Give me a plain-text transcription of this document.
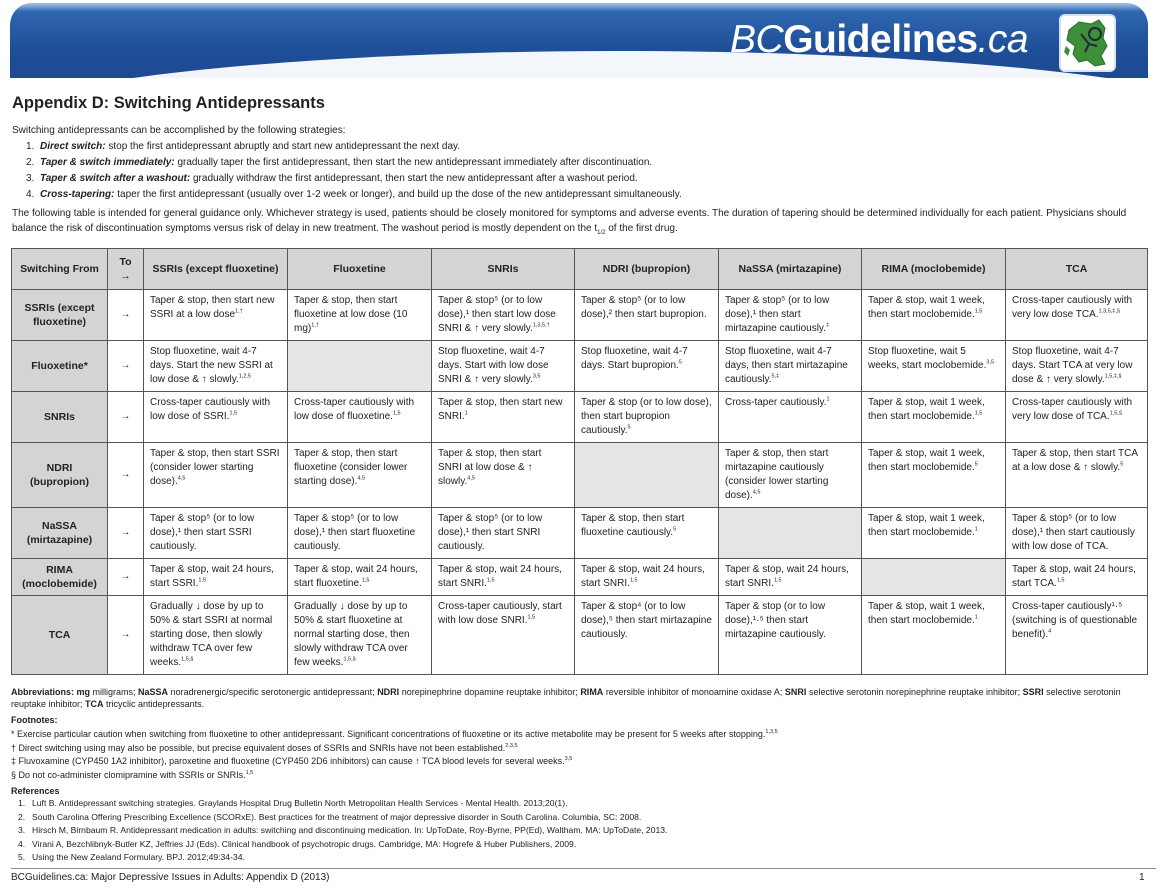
BCGuidelines.ca
Appendix D: Switching Antidepressants

Switching antidepressants can be accomplished by the following strategies:

1. Direct switch: stop the first antidepressant abruptly and start new antidepressant the next day.
2. Taper & switch immediately: gradually taper the first antidepressant, then start the new antidepressant immediately after discontinuation.
3. Taper & switch after a washout: gradually withdraw the first antidepressant, then start the new antidepressant after a washout period.
4. Cross-tapering: taper the first antidepressant (usually over 1-2 week or longer), and build up the dose of the new antidepressant simultaneously.

The following table is intended for general guidance only. Whichever strategy is used, patients should be closely monitored for symptoms and adverse events. The duration of tapering should be determined individually for each patient. Physicians should balance the risk of discontinuation symptoms versus risk of delay in new treatment. The washout period is mostly dependent on the $t_{1/2}$ of the first drug.

Switching From	To →	SSRIs (except fluoxetine)	Fluoxetine	SNRIs	NDRI (bupropion)	NaSSA (mirtazapine)	RIMA (moclobemide)	TCA
SSRIs (except fluoxetine)	→	Taper & stop, then start new SSRI at a low dose$^{1,\dagger}$	Taper & stop, then start fluoxetine at low dose (10 mg)$^{1,\dagger}$	Taper & stop⁵ (or to low dose),¹ then start low dose SNRI & ↑ very slowly.$^{1,3,5,\dagger}$	Taper & stop⁵ (or to low dose),² then start bupropion.	Taper & stop⁵ (or to low dose),¹ then start mirtazapine cautiously.‡	Taper & stop, wait 1 week, then start moclobemide.$^{1,5}$	Cross-taper cautiously with very low dose TCA.$^{1,3,5,\ddagger,\S}$
Fluoxetine*	→	Stop fluoxetine, wait 4-7 days. Start the new SSRI at low dose & ↑ slowly.$^{1,2,5}$		Stop fluoxetine, wait 4-7 days. Start with low dose SNRI & ↑ very slowly.$^{3,5}$	Stop fluoxetine, wait 4-7 days. Start bupropion.$^5$	Stop fluoxetine, wait 4-7 days, then start mirtazapine cautiously.$^{5,\ddagger}$	Stop fluoxetine, wait 5 weeks, start moclobemide.$^{3,5}$	Stop fluoxetine, wait 4-7 days. Start TCA at very low dose & ↑ very slowly.$^{1,5,\ddagger,\S}$
SNRIs	→	Cross-taper cautiously with low dose of SSRI.$^{1,5}$	Cross-taper cautiously with low dose of fluoxetine.$^{1,5}$	Taper & stop, then start new SNRI.$^1$	Taper & stop (or to low dose), then start bupropion cautiously.$^5$	Cross-taper cautiously.$^1$	Taper & stop, wait 1 week, then start moclobemide.$^{1,5}$	Cross-taper cautiously with very low dose of TCA.$^{1,5,\S}$
NDRI (bupropion)	→	Taper & stop, then start SSRI (consider lower starting dose).$^{4,5}$	Taper & stop, then start fluoxetine (consider lower starting dose).$^{4,5}$	Taper & stop, then start SNRI at low dose & ↑ slowly.$^{4,5}$		Taper & stop, then start mirtazapine cautiously (consider lower starting dose).$^{4,5}$	Taper & stop, wait 1 week, then start moclobemide.$^5$	Taper & stop, then start TCA at a low dose & ↑ slowly.$^5$
NaSSA (mirtazapine)	→	Taper & stop⁵ (or to low dose),¹ then start SSRI cautiously.	Taper & stop⁵ (or to low dose),¹ then start fluoxetine cautiously.	Taper & stop⁵ (or to low dose),¹ then start SNRI cautiously.	Taper & stop, then start fluoxetine cautiously.$^5$		Taper & stop, wait 1 week, then start moclobemide.$^1$	Taper & stop⁵ (or to low dose),¹ then start cautiously with low dose of TCA.
RIMA (moclobemide)	→	Taper & stop, wait 24 hours, start SSRI.$^{1,5}$	Taper & stop, wait 24 hours, start fluoxetine.$^{1,5}$	Taper & stop, wait 24 hours, start SNRI.$^{1,5}$	Taper & stop, wait 24 hours, start SNRI.$^{1,5}$	Taper & stop, wait 24 hours, start SNRI.$^{1,5}$		Taper & stop, wait 24 hours, start TCA.$^{1,5}$
TCA	→	Gradually ↓ dose by up to 50% & start SSRI at normal starting dose, then slowly withdraw TCA over few weeks.$^{1,5,\S}$	Gradually ↓ dose by up to 50% & start fluoxetine at normal starting dose, then slowly withdraw TCA over few weeks.$^{1,5,\S}$	Cross-taper cautiously, start with low dose SNRI.$^{1,5}$	Taper & stop⁴ (or to low dose),⁵ then start mirtazapine cautiously.	Taper & stop (or to low dose),¹·⁵ then start mirtazapine cautiously.	Taper & stop, wait 1 week, then start moclobemide.$^1$	Cross-taper cautiously¹·⁵ (switching is of questionable benefit).$^4$

Abbreviations: mg milligrams; NaSSA noradrenergic/specific serotonergic antidepressant; NDRI norepinephrine dopamine reuptake inhibitor; RIMA reversible inhibitor of monoamine oxidase A; SNRI selective serotonin norepinephrine reuptake inhibitor; SSRI selective serotonin reuptake inhibitor; TCA tricyclic antidepressants.

Footnotes:
* Exercise particular caution when switching from fluoxetine to other antidepressant. Significant concentrations of fluoxetine or its active metabolite may be present for 5 weeks after stopping.$^{1,3,5}$
† Direct switching using may also be possible, but precise equivalent doses of SSRIs and SNRIs have not been established.$^{2,3,5}$
‡ Fluvoxamine (CYP450 1A2 inhibitor), paroxetine and fluoxetine (CYP450 2D6 inhibitors) can cause ↑ TCA blood levels for several weeks.$^{3,5}$
§ Do not co-administer clomipramine with SSRIs or SNRIs.$^{1,5}$
References
1. Luft B. Antidepressant switching strategies. Graylands Hospital Drug Bulletin North Metropolitan Health Services - Mental Health. 2013;20(1).
2. South Carolina Offering Prescribing Excellence (SCORxE). Best practices for the treatment of major depressive disorder in South Carolina. Columbia, SC: 2008.
3. Hirsch M, Birnbaum R. Antidepressant medication in adults: switching and discontinuing medication. In: UpToDate, Roy-Byrne, PP(Ed), Waltham, MA: UpToDate, 2013.
4. Virani A, Bezchlibnyk-Butler KZ, Jeffries JJ (Eds). Clinical handbook of psychotropic drugs. Cambridge, MA: Hogrefe & Huber Publishers, 2009.
5. Using the New Zealand Formulary. BPJ. 2012;49:34-34.
BCGuidelines.ca: Major Depressive Issues in Adults: Appendix D (2013)	1
